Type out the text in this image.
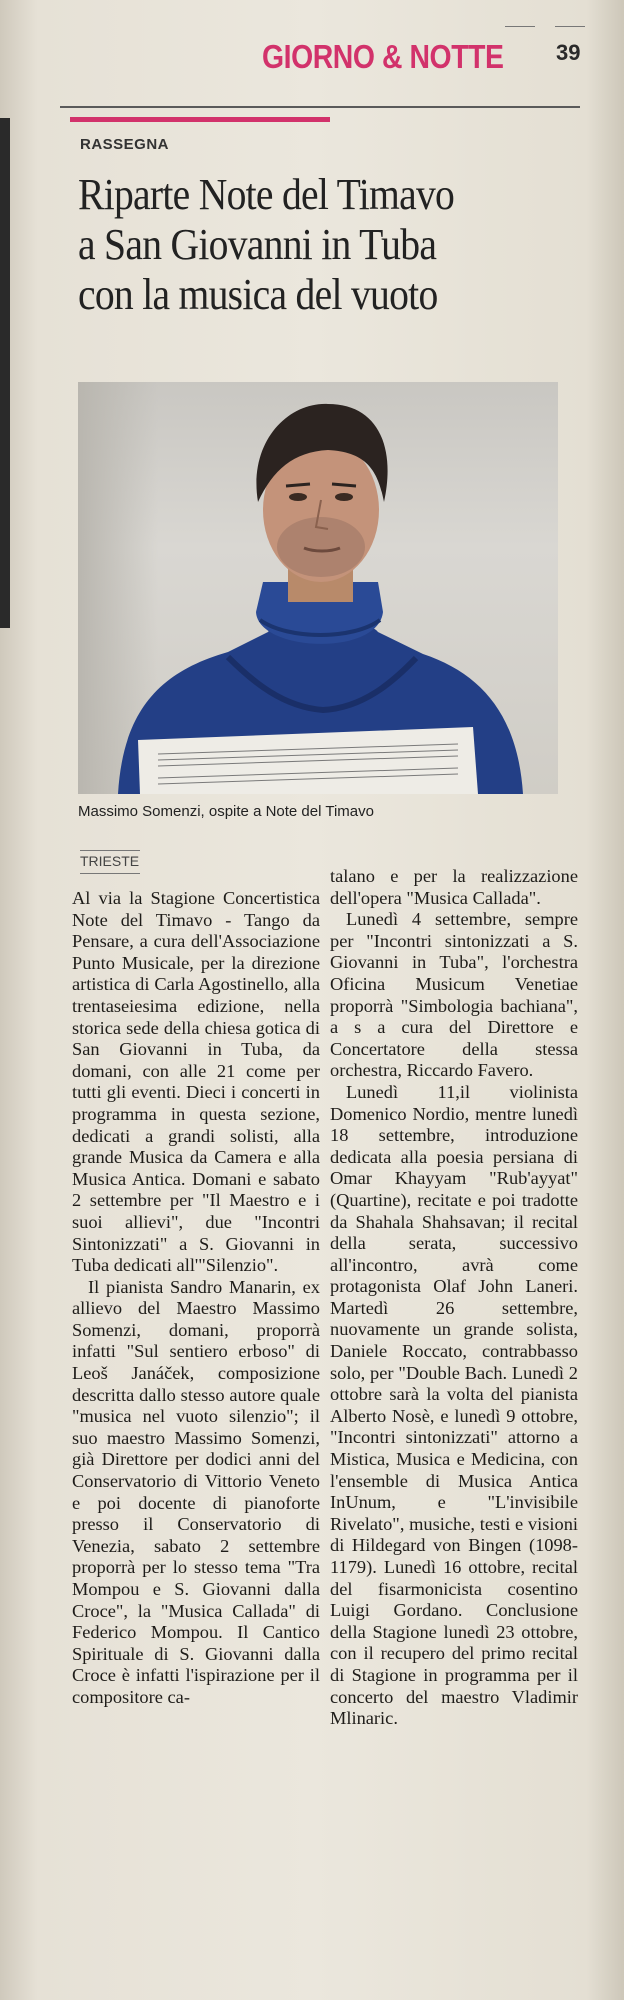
GIORNO & NOTTE 39
RASSEGNA
Riparte Note del Timavo
a San Giovanni in Tuba
con la musica del vuoto
Massimo Somenzi, ospite a Note del Timavo
TRIESTE

Al via la Stagione Concertistica Note del Timavo - Tango da Pensare, a cura dell'Associazione Punto Musicale, per la direzione artistica di Carla Agostinello, alla trentaseiesima edizione, nella storica sede della chiesa gotica di San Giovanni in Tuba, da domani, con alle 21 come per tutti gli eventi. Dieci i concerti in programma in questa sezione, dedicati a grandi solisti, alla grande Musica da Camera e alla Musica Antica. Domani e sabato 2 settembre per "Il Maestro e i suoi allievi", due "Incontri Sintonizzati" a S. Giovanni in Tuba dedicati all'"Silenzio".

Il pianista Sandro Manarin, ex allievo del Maestro Massimo Somenzi, domani, proporrà infatti "Sul sentiero erboso" di Leoš Janáček, composizione descritta dallo stesso autore quale "musica nel vuoto silenzio"; il suo maestro Massimo Somenzi, già Direttore per dodici anni del Conservatorio di Vittorio Veneto e poi docente di pianoforte presso il Conservatorio di Venezia, sabato 2 settembre proporrà per lo stesso tema "Tra Mompou e S. Giovanni dalla Croce", la "Musica Callada" di Federico Mompou. Il Cantico Spirituale di S. Giovanni dalla Croce è infatti l'ispirazione per il compositore ca-

talano e per la realizzazione dell'opera "Musica Callada".

Lunedì 4 settembre, sempre per "Incontri sintonizzati a S. Giovanni in Tuba", l'orchestra Oficina Musicum Venetiae proporrà "Simbologia bachiana", a s a cura del Direttore e Concertatore della stessa orchestra, Riccardo Favero.

Lunedì 11,il violinista Domenico Nordio, mentre lunedì 18 settembre, introduzione dedicata alla poesia persiana di Omar Khayyam "Rub'ayyat" (Quartine), recitate e poi tradotte da Shahala Shahsavan; il recital della serata, successivo all'incontro, avrà come protagonista Olaf John Laneri. Martedì 26 settembre, nuovamente un grande solista, Daniele Roccato, contrabbasso solo, per "Double Bach. Lunedì 2 ottobre sarà la volta del pianista Alberto Nosè, e lunedì 9 ottobre, "Incontri sintonizzati" attorno a Mistica, Musica e Medicina, con l'ensemble di Musica Antica InUnum, e "L'invisibile Rivelato", musiche, testi e visioni di Hildegard von Bingen (1098-1179). Lunedì 16 ottobre, recital del fisarmonicista cosentino Luigi Gordano. Conclusione della Stagione lunedì 23 ottobre, con il recupero del primo recital di Stagione in programma per il concerto del maestro Vladimir Mlinaric.
